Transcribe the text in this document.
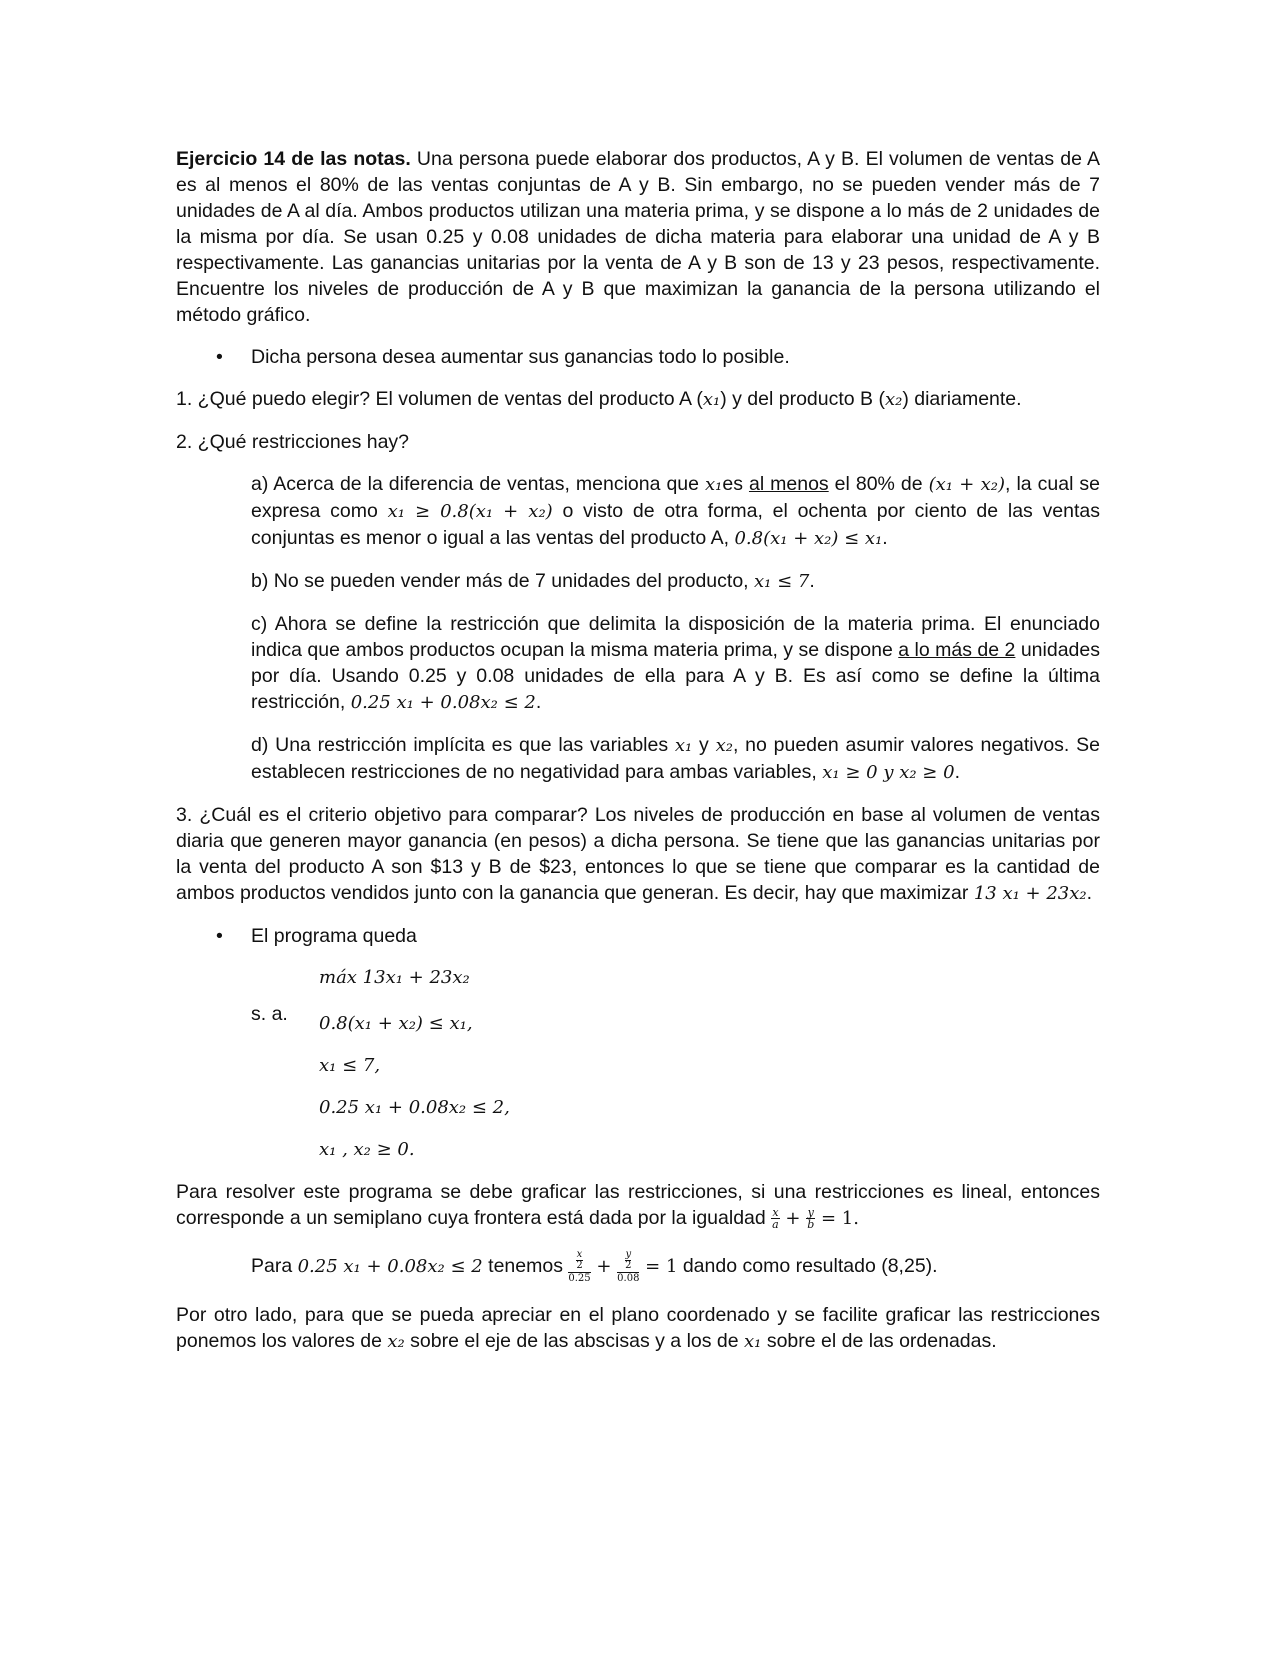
Ejercicio 14 de las notas. Una persona puede elaborar dos productos, A y B. El volumen de ventas de A es al menos el 80% de las ventas conjuntas de A y B. Sin embargo, no se pueden vender más de 7 unidades de A al día. Ambos productos utilizan una materia prima, y se dispone a lo más de 2 unidades de la misma por día. Se usan 0.25 y 0.08 unidades de dicha materia para elaborar una unidad de A y B respectivamente. Las ganancias unitarias por la venta de A y B son de 13 y 23 pesos, respectivamente. Encuentre los niveles de producción de A y B que maximizan la ganancia de la persona utilizando el método gráfico.

• Dicha persona desea aumentar sus ganancias todo lo posible.

1. ¿Qué puedo elegir? El volumen de ventas del producto A (x₁) y del producto B (x₂) diariamente.

2. ¿Qué restricciones hay?

a) Acerca de la diferencia de ventas, menciona que x₁es al menos el 80% de (x₁ + x₂), la cual se expresa como x₁ ≥ 0.8(x₁ + x₂) o visto de otra forma, el ochenta por ciento de las ventas conjuntas es menor o igual a las ventas del producto A, 0.8(x₁ + x₂) ≤ x₁.

b) No se pueden vender más de 7 unidades del producto, x₁ ≤ 7.

c) Ahora se define la restricción que delimita la disposición de la materia prima. El enunciado indica que ambos productos ocupan la misma materia prima, y se dispone a lo más de 2 unidades por día. Usando 0.25 y 0.08 unidades de ella para A y B. Es así como se define la última restricción, 0.25 x₁ + 0.08x₂ ≤ 2.

d) Una restricción implícita es que las variables x₁ y x₂, no pueden asumir valores negativos. Se establecen restricciones de no negatividad para ambas variables, x₁ ≥ 0 y x₂ ≥ 0.

3. ¿Cuál es el criterio objetivo para comparar? Los niveles de producción en base al volumen de ventas diaria que generen mayor ganancia (en pesos) a dicha persona. Se tiene que las ganancias unitarias por la venta del producto A son $13 y B de $23, entonces lo que se tiene que comparar es la cantidad de ambos productos vendidos junto con la ganancia que generan. Es decir, hay que maximizar 13 x₁ + 23x₂.

• El programa queda
máx 13x₁ + 23x₂
s. a. 0.8(x₁ + x₂) ≤ x₁,
x₁ ≤ 7,
0.25 x₁ + 0.08x₂ ≤ 2,
x₁ , x₂ ≥ 0.

Para resolver este programa se debe graficar las restricciones, si una restricciones es lineal, entonces corresponde a un semiplano cuya frontera está dada por la igualdad $\frac{x}{a} + \frac{y}{b} = 1$.

Para 0.25 x₁ + 0.08x₂ ≤ 2 tenemos $\frac{\frac{x}{2}}{0.25} + \frac{\frac{y}{2}}{0.08} = 1$ dando como resultado (8,25).

Por otro lado, para que se pueda apreciar en el plano coordenado y se facilite graficar las restricciones ponemos los valores de x₂ sobre el eje de las abscisas y a los de x₁ sobre el de las ordenadas.
